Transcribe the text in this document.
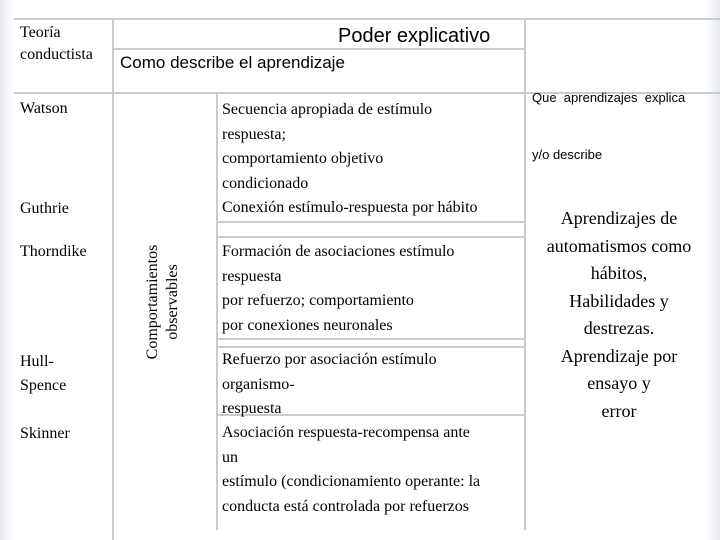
Teoría
conductista
Poder explicativo
Como describe el aprendizaje

Que  aprendizajes  explica

y/o describe

Watson
Guthrie
Thorndike
Hull-
Spence
Skinner
Comportamientos observables
Secuencia apropiada de estímulo
respuesta;
comportamiento objetivo
condicionado
Conexión estímulo-respuesta por hábito
Formación de asociaciones estímulo
respuesta
por refuerzo; comportamiento
por conexiones neuronales
Refuerzo por asociación estímulo
organismo-
respuesta
Asociación respuesta-recompensa ante
un
estímulo (condicionamiento operante: la
conducta está controlada por refuerzos
Aprendizajes de
automatismos como
hábitos,
Habilidades y
destrezas.
Aprendizaje por
ensayo y
error
